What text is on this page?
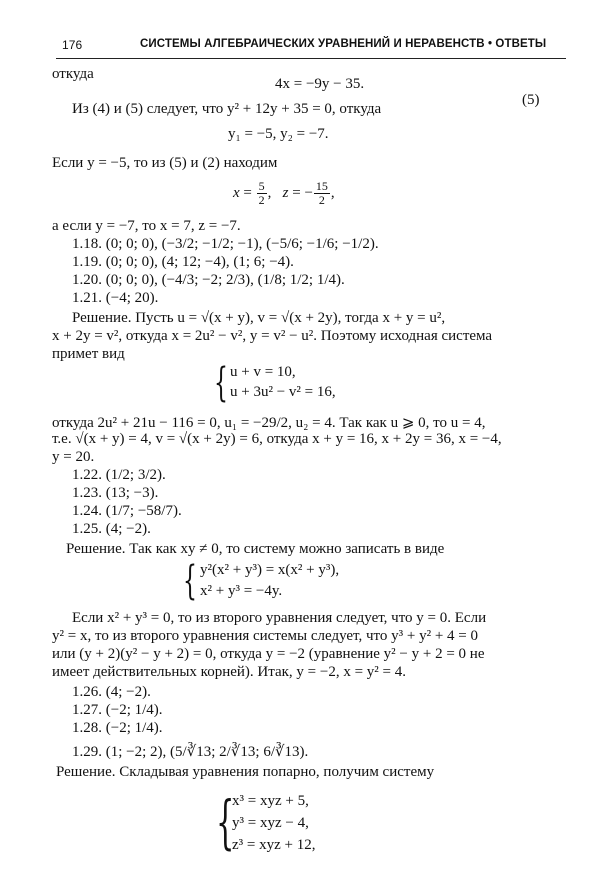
176	СИСТЕМЫ АЛГЕБРАИЧЕСКИХ УРАВНЕНИЙ И НЕРАВЕНСТВ • ОТВЕТЫ
откуда
4x = −9y − 35.
(5)
Из (4) и (5) следует, что y² + 12y + 35 = 0, откуда
y₁ = −5, y₂ = −7.
Если y = −5, то из (5) и (2) находим
$x = \frac{5}{2}$ ,   z = − $\frac{15}{2}$ ,
а если y = −7, то x = 7, z = −7.
1.18. (0; 0; 0), (−3/2; −1/2; −1), (−5/6; −1/6; −1/2).
1.19. (0; 0; 0), (4; 12; −4), (1; 6; −4).
1.20. (0; 0; 0), (−4/3; −2; 2/3), (1/8; 1/2; 1/4).
1.21. (−4; 20).
Решение. Пусть u = √(x + y), v = √(x + 2y), тогда x + y = u²,
x + 2y = v², откуда x = 2u² − v², y = v² − u². Поэтому исходная система
примет вид
{ u + v = 10,
u + 3u² − v² = 16,
откуда 2u² + 21u − 116 = 0, u₁ = −29/2, u₂ = 4. Так как u ⩾ 0, то u = 4,
т.е. √(x + y) = 4, v = √(x + 2y) = 6, откуда x + y = 16, x + 2y = 36, x = −4,
y = 20.
1.22. (1/2; 3/2).
1.23. (13; −3).
1.24. (1/7; −58/7).
1.25. (4; −2).
Решение. Так как xy ≠ 0, то систему можно записать в виде
{ y²(x² + y³) = x(x² + y³),
x² + y³ = −4y.
Если x² + y³ = 0, то из второго уравнения следует, что y = 0. Если
y² = x, то из второго уравнения системы следует, что y³ + y² + 4 = 0
или (y + 2)(y² − y + 2) = 0, откуда y = −2 (уравнение y² − y + 2 = 0 не
имеет действительных корней). Итак, y = −2, x = y² = 4.
1.26. (4; −2).
1.27. (−2; 1/4).
1.28. (−2; 1/4).
1.29. (1; −2; 2), (5/∛13; 2/∛13; 6/∛13).
Решение. Складывая уравнения попарно, получим систему
{
x³ = xyz + 5,
y³ = xyz − 4,
z³ = xyz + 12,
